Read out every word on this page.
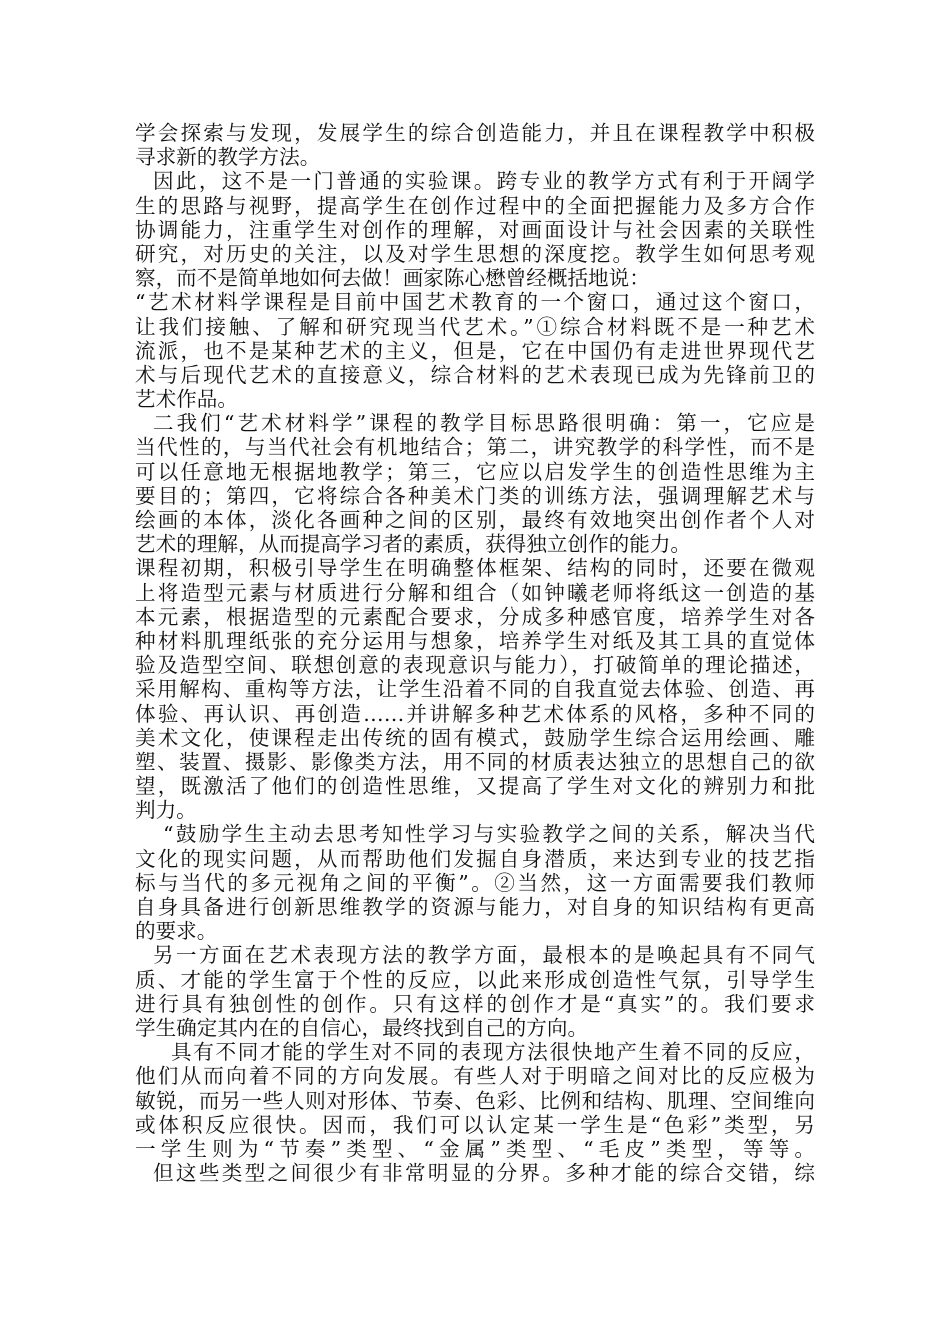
学会探索与发现，发展学生的综合创造能力，并且在课程教学中积极
寻求新的教学方法。
因此，这不是一门普通的实验课。跨专业的教学方式有利于开阔学
生的思路与视野，提高学生在创作过程中的全面把握能力及多方合作
协调能力，注重学生对创作的理解，对画面设计与社会因素的关联性
研究，对历史的关注，以及对学生思想的深度挖。教学生如何思考观
察，而不是简单地如何去做！画家陈心懋曾经概括地说：
“艺术材料学课程是目前中国艺术教育的一个窗口，通过这个窗口，
让我们接触、了解和研究现当代艺术。”①综合材料既不是一种艺术
流派，也不是某种艺术的主义，但是，它在中国仍有走进世界现代艺
术与后现代艺术的直接意义，综合材料的艺术表现已成为先锋前卫的
艺术作品。
二我们“艺术材料学”课程的教学目标思路很明确：第一，它应是
当代性的，与当代社会有机地结合；第二，讲究教学的科学性，而不是
可以任意地无根据地教学；第三，它应以启发学生的创造性思维为主
要目的；第四，它将综合各种美术门类的训练方法，强调理解艺术与
绘画的本体，淡化各画种之间的区别，最终有效地突出创作者个人对
艺术的理解，从而提高学习者的素质，获得独立创作的能力。
课程初期，积极引导学生在明确整体框架、结构的同时，还要在微观
上将造型元素与材质进行分解和组合（如钟曦老师将纸这一创造的基
本元素，根据造型的元素配合要求，分成多种感官度，培养学生对各
种材料肌理纸张的充分运用与想象，培养学生对纸及其工具的直觉体
验及造型空间、联想创意的表现意识与能力），打破简单的理论描述，
采用解构、重构等方法，让学生沿着不同的自我直觉去体验、创造、再
体验、再认识、再创造……并讲解多种艺术体系的风格，多种不同的
美术文化，使课程走出传统的固有模式，鼓励学生综合运用绘画、雕
塑、装置、摄影、影像类方法，用不同的材质表达独立的思想自己的欲
望，既激活了他们的创造性思维，又提高了学生对文化的辨别力和批
判力。
“鼓励学生主动去思考知性学习与实验教学之间的关系，解决当代
文化的现实问题，从而帮助他们发掘自身潜质，来达到专业的技艺指
标与当代的多元视角之间的平衡”。②当然，这一方面需要我们教师
自身具备进行创新思维教学的资源与能力，对自身的知识结构有更高
的要求。
另一方面在艺术表现方法的教学方面，最根本的是唤起具有不同气
质、才能的学生富于个性的反应，以此来形成创造性气氛，引导学生
进行具有独创性的创作。只有这样的创作才是“真实”的。我们要求
学生确定其内在的自信心，最终找到自己的方向。
具有不同才能的学生对不同的表现方法很快地产生着不同的反应，
他们从而向着不同的方向发展。有些人对于明暗之间对比的反应极为
敏锐，而另一些人则对形体、节奏、色彩、比例和结构、肌理、空间维向
或体积反应很快。因而，我们可以认定某一学生是“色彩”类型，另
一学生则为“节奏”类型、“金属”类型、“毛皮”类型，等等。
但这些类型之间很少有非常明显的分界。多种才能的综合交错，综
